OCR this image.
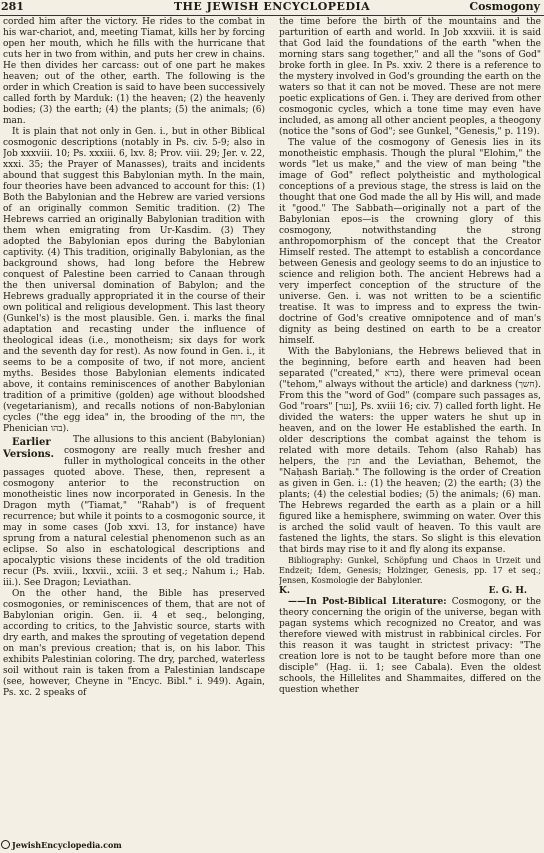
281	THE JEWISH ENCYCLOPEDIA	Cosmogony

corded him after the victory. He rides to the combat in his war-chariot, and, meeting Tiamat, kills her by forcing open her mouth, which he fills with the hurricane that cuts her in two from within, and puts her crew in chains. He then divides her carcass: out of one part he makes heaven; out of the other, earth. The following is the order in which Creation is said to have been successively called forth by Marduk: (1) the heaven; (2) the heavenly bodies; (3) the earth; (4) the plants; (5) the animals; (6) man.

It is plain that not only in Gen. i., but in other Biblical cosmogonic descriptions (notably in Ps. civ. 5-9; also in Job xxxviii. 10; Ps. xxxiii. 6, lxv. 8; Prov. viii. 29; Jer. v. 22, xxxi. 35; the Prayer of Manasses), traits and incidents abound that suggest this Babylonian myth. In the main, four theories have been advanced to account for this: (1) Both the Babylonian and the Hebrew are varied versions of an originally common Semitic tradition. (2) The Hebrews carried an originally Babylonian tradition with them when emigrating from Ur-Kasdim. (3) They adopted the Babylonian epos during the Babylonian captivity. (4) This tradition, originally Babylonian, as the background shows, had long before the Hebrew conquest of Palestine been carried to Canaan through the then universal domination of Babylon; and the Hebrews gradually appropriated it in the course of their own political and religious development. This last theory (Gunkel's) is the most plausible. Gen. i. marks the final adaptation and recasting under the influence of theological ideas (i.e., monotheism; six days for work and the seventh day for rest). As now found in Gen. i., it seems to be a composite of two, if not more, ancient myths. Besides those Babylonian elements indicated above, it contains reminiscences of another Babylonian tradition of a primitive (golden) age without bloodshed (vegetarianism), and recalls notions of non-Babylonian cycles ("the egg idea" in, the brooding of the רוח, the Phenician בהו).

Earlier Versions.
The allusions to this ancient (Babylonian) cosmogony are really much fresher and fuller in mythological conceits in the other passages quoted above. These, then, represent a cosmogony anterior to the reconstruction on monotheistic lines now incorporated in Genesis. In the Dragon myth ("Tiamat," "Rahab") is of frequent recurrence; but while it points to a cosmogonic source, it may in some cases (Job xxvi. 13, for instance) have sprung from a natural celestial phenomenon such as an eclipse. So also in eschatological descriptions and apocalyptic visions these incidents of the old tradition recur (Ps. xviii., lxxvii., xciii. 3 et seq.; Nahum i.; Hab. iii.). See Dragon; Leviathan.

On the other hand, the Bible has preserved cosmogonies, or reminiscences of them, that are not of Babylonian origin. Gen. ii. 4 et seq., belonging, according to critics, to the Jahvistic source, starts with dry earth, and makes the sprouting of vegetation depend on man's previous creation; that is, on his labor. This exhibits Palestinian coloring. The dry, parched, waterless soil without rain is taken from a Palestinian landscape (see, however, Cheyne in "Encyc. Bibl." i. 949). Again, Ps. xc. 2 speaks of

the time before the birth of the mountains and the parturition of earth and world. In Job xxxviii. it is said that God laid the foundations of the earth "when the morning stars sang together," and all the "sons of God" broke forth in glee. In Ps. xxiv. 2 there is a reference to the mystery involved in God's grounding the earth on the waters so that it can not be moved. These are not mere poetic explications of Gen. i. They are derived from other cosmogonic cycles, which a tone time may even have included, as among all other ancient peoples, a theogony (notice the "sons of God"; see Gunkel, "Genesis," p. 119).

The value of the cosmogony of Genesis lies in its monotheistic emphasis. Though the plural "Elohim," the words "let us make," and the view of man being "the image of God" reflect polytheistic and mythological conceptions of a previous stage, the stress is laid on the thought that one God made the all by His will, and made it "good." The Sabbath—originally not a part of the Babylonian epos—is the crowning glory of this cosmogony, notwithstanding the strong anthropomorphism of the concept that the Creator Himself rested. The attempt to establish a concordance between Genesis and geology seems to do an injustice to science and religion both. The ancient Hebrews had a very imperfect conception of the structure of the universe. Gen. i. was not written to be a scientific treatise. It was to impress and to express the twin-doctrine of God's creative omnipotence and of man's dignity as being destined on earth to be a creator himself.

With the Babylonians, the Hebrews believed that in the beginning, before earth and heaven had been separated ("created," ברא), there were primeval ocean ("tehom," always without the article) and darkness (חשך). From this the "word of God" (compare such passages as, God "roars" [נער], Ps. xviii 16; civ. 7) called forth light. He divided the waters: the upper waters he shut up in heaven, and on the lower He established the earth. In older descriptions the combat against the tehom is related with more details. Tehom (also Rahab) has helpers, the תנין and the Leviathan, Behemot, the "Naḥash Bariaḥ." The following is the order of Creation as given in Gen. i.: (1) the heaven; (2) the earth; (3) the plants; (4) the celestial bodies; (5) the animals; (6) man. The Hebrews regarded the earth as a plain or a hill figured like a hemisphere, swimming on water. Over this is arched the solid vault of heaven. To this vault are fastened the lights, the stars. So slight is this elevation that birds may rise to it and fly along its expanse.

Bibliography: Gunkel, Schöpfung und Chaos in Urzeit und Endzeit; Idem, Genesis; Holzinger, Genesis, pp. 17 et seq.; Jensen, Kosmologie der Babylonier.

K.	E. G. H.

——In Post-Biblical Literature: Cosmogony, or the theory concerning the origin of the universe, began with pagan systems which recognized no Creator, and was therefore viewed with mistrust in rabbinical circles. For this reason it was taught in strictest privacy: "The creation lore is not to be taught before more than one disciple" (Ḥag. ii. 1; see Cabala). Even the oldest schools, the Hillelites and Shammaites, differed on the question whether

JewishEncyclopedia.com
